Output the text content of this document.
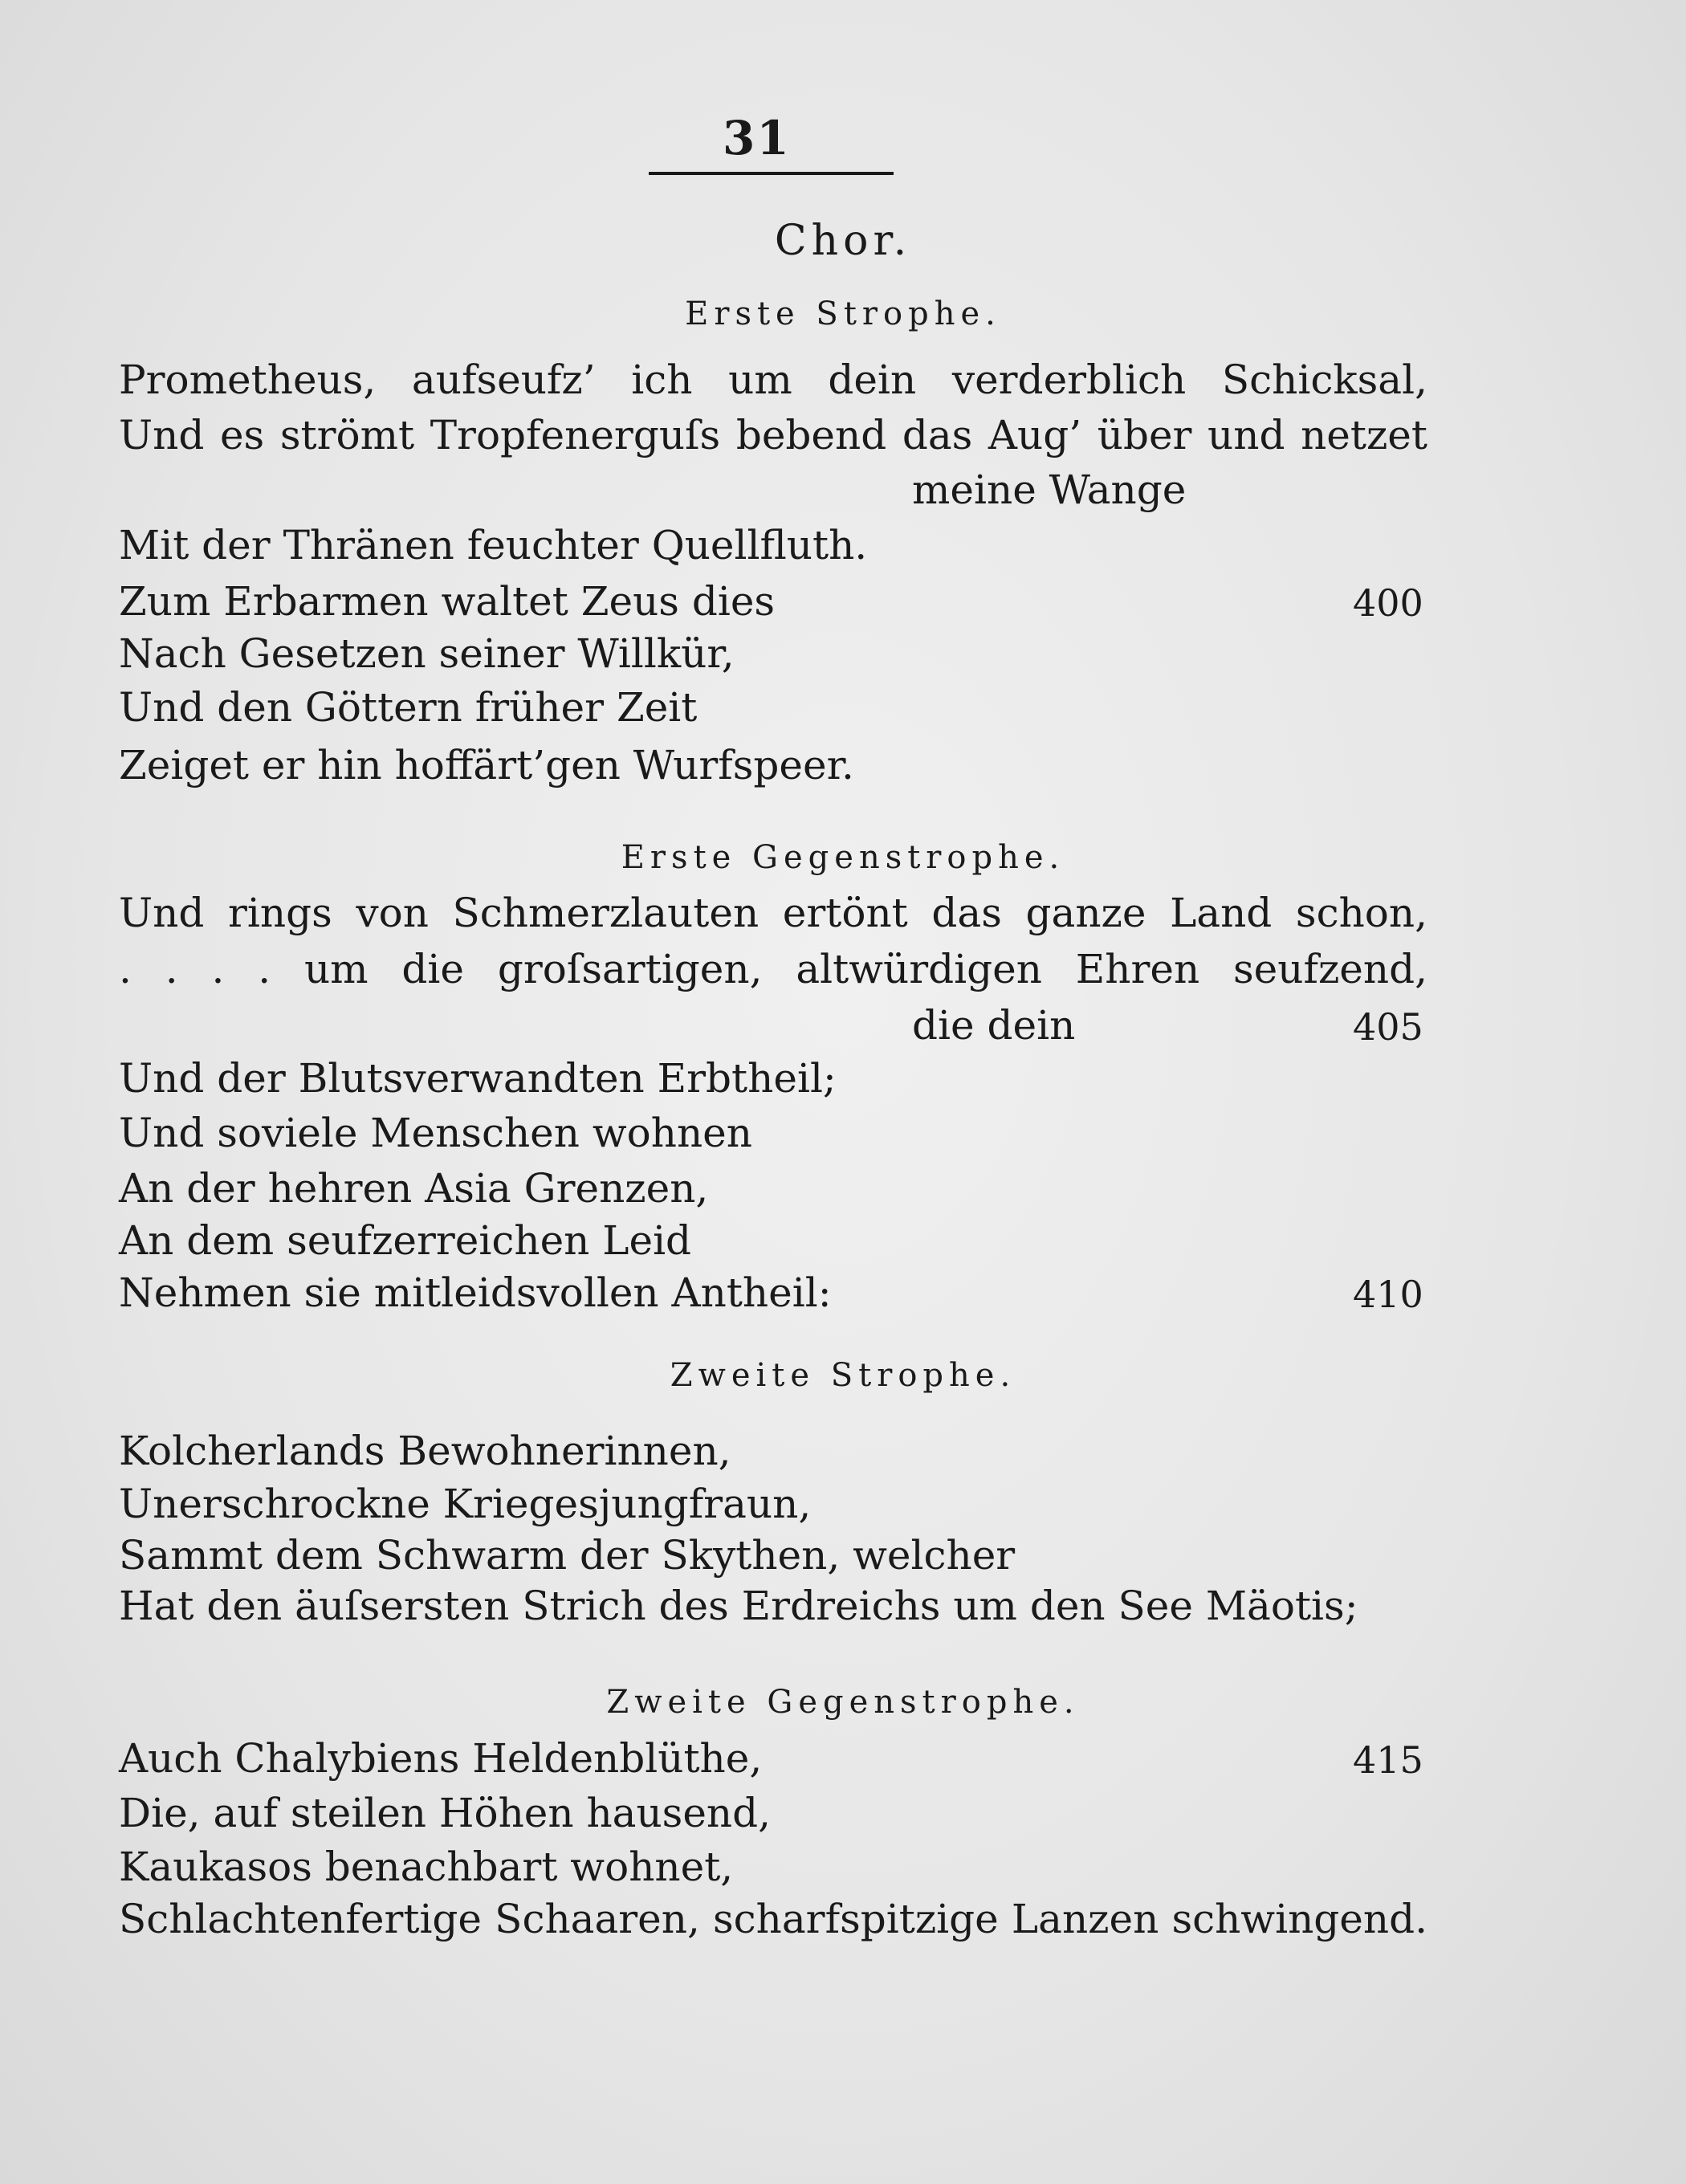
31
Chor.
Erste Strophe.
Prometheus, aufseufz’ ich um dein verderblich Schicksal,
Und es strömt Tropfenerguſs bebend das Aug’ über und netzet
meine Wange
Mit der Thränen feuchter Quellfluth.
Zum Erbarmen waltet Zeus dies	400
Nach Gesetzen seiner Willkür,
Und den Göttern früher Zeit
Zeiget er hin hoffärt’gen Wurfspeer.
Erste Gegenstrophe.
Und rings von Schmerzlauten ertönt das ganze Land schon,
. . . . um die groſsartigen, altwürdigen Ehren seufzend,
die dein	405
Und der Blutsverwandten Erbtheil;
Und soviele Menschen wohnen
An der hehren Asia Grenzen,
An dem seufzerreichen Leid
Nehmen sie mitleidsvollen Antheil:	410
Zweite Strophe.
Kolcherlands Bewohnerinnen,
Unerschrockne Kriegesjungfraun,
Sammt dem Schwarm der Skythen, welcher
Hat den äuſsersten Strich des Erdreichs um den See Mäotis;
Zweite Gegenstrophe.
Auch Chalybiens Heldenblüthe,	415
Die, auf steilen Höhen hausend,
Kaukasos benachbart wohnet,
Schlachtenfertige Schaaren, scharfspitzige Lanzen schwingend.
